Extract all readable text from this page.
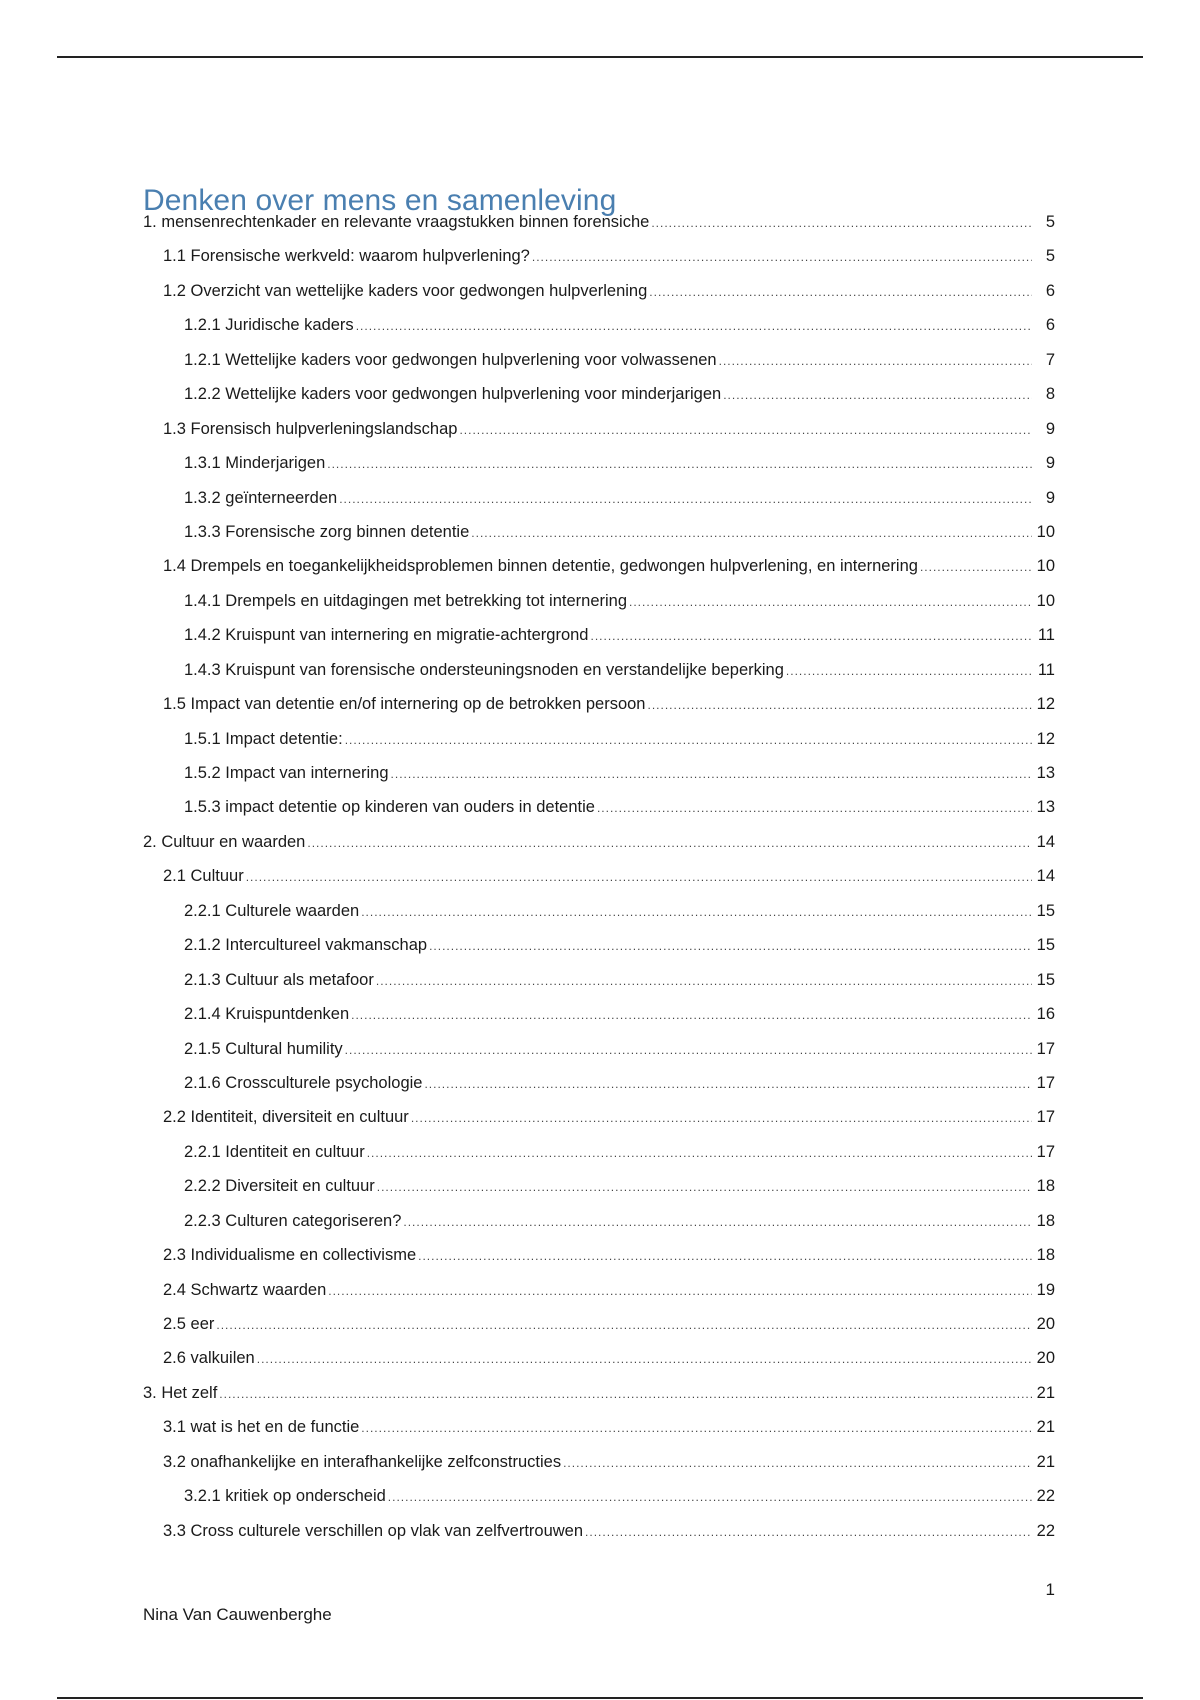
Denken over mens en samenleving
1. mensenrechtenkader en relevante vraagstukken binnen forensiche .....	5
1.1 Forensische werkveld: waarom hulpverlening? .....	5
1.2 Overzicht van wettelijke kaders voor gedwongen hulpverlening .....	6
1.2.1 Juridische kaders .....	6
1.2.1 Wettelijke kaders voor gedwongen hulpverlening voor volwassenen .....	7
1.2.2 Wettelijke kaders voor gedwongen hulpverlening voor minderjarigen .....	8
1.3 Forensisch hulpverleningslandschap .....	9
1.3.1 Minderjarigen .....	9
1.3.2 geïnterneerden .....	9
1.3.3 Forensische zorg binnen detentie .....	10
1.4 Drempels en toegankelijkheidsproblemen binnen detentie, gedwongen hulpverlening, en internering .....	10
1.4.1 Drempels en uitdagingen met betrekking tot internering .....	10
1.4.2 Kruispunt van internering en migratie-achtergrond .....	11
1.4.3 Kruispunt van forensische ondersteuningsnoden en verstandelijke beperking .....	11
1.5 Impact van detentie en/of internering op de betrokken persoon .....	12
1.5.1 Impact detentie: .....	12
1.5.2 Impact van internering .....	13
1.5.3 impact detentie op kinderen van ouders in detentie .....	13
2. Cultuur en waarden .....	14
2.1 Cultuur .....	14
2.2.1 Culturele waarden .....	15
2.1.2 Intercultureel vakmanschap .....	15
2.1.3 Cultuur als metafoor .....	15
2.1.4 Kruispuntdenken .....	16
2.1.5 Cultural humility .....	17
2.1.6 Crossculturele psychologie .....	17
2.2 Identiteit, diversiteit en cultuur .....	17
2.2.1 Identiteit en cultuur .....	17
2.2.2 Diversiteit en cultuur .....	18
2.2.3 Culturen categoriseren? .....	18
2.3 Individualisme en collectivisme .....	18
2.4 Schwartz waarden .....	19
2.5 eer .....	20
2.6 valkuilen .....	20
3. Het zelf .....	21
3.1 wat is het en de functie .....	21
3.2 onafhankelijke en interafhankelijke zelfconstructies .....	21
3.2.1 kritiek op onderscheid .....	22
3.3 Cross culturele verschillen op vlak van zelfvertrouwen .....	22
1
Nina Van Cauwenberghe
